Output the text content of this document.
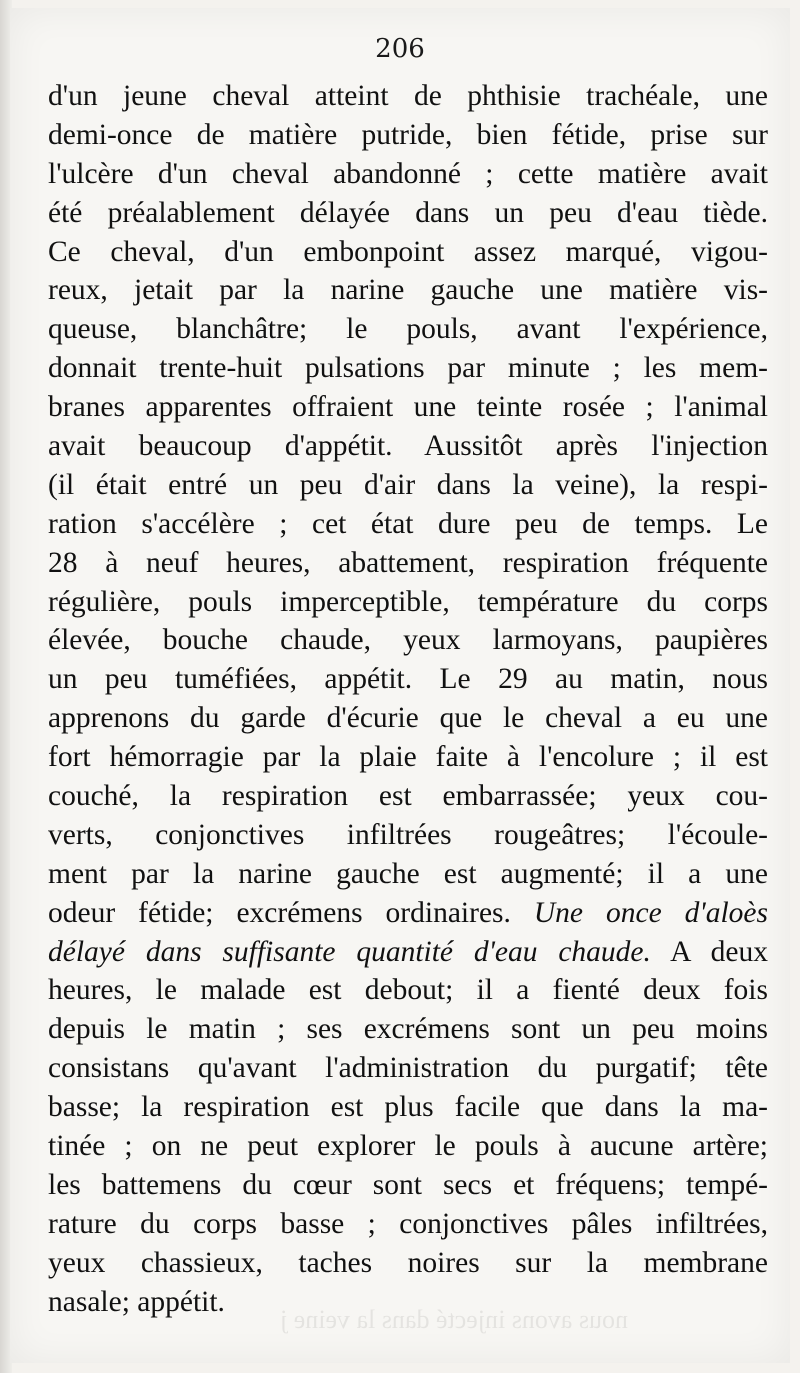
206
d'un jeune cheval atteint de phthisie trachéale, une
demi-once de matière putride, bien fétide, prise sur
l'ulcère d'un cheval abandonné ; cette matière avait
été préalablement délayée dans un peu d'eau tiède.
Ce cheval, d'un embonpoint assez marqué, vigou-
reux, jetait par la narine gauche une matière vis-
queuse, blanchâtre; le pouls, avant l'expérience,
donnait trente-huit pulsations par minute ; les mem-
branes apparentes offraient une teinte rosée ; l'animal
avait beaucoup d'appétit. Aussitôt après l'injection
(il était entré un peu d'air dans la veine), la respi-
ration s'accélère ; cet état dure peu de temps. Le
28 à neuf heures, abattement, respiration fréquente
régulière, pouls imperceptible, température du corps
élevée, bouche chaude, yeux larmoyans, paupières
un peu tuméfiées, appétit. Le 29 au matin, nous
apprenons du garde d'écurie que le cheval a eu une
fort hémorragie par la plaie faite à l'encolure ; il est
couché, la respiration est embarrassée; yeux cou-
verts, conjonctives infiltrées rougeâtres; l'écoule-
ment par la narine gauche est augmenté; il a une
odeur fétide; excrémens ordinaires. Une once d'aloès
délayé dans suffisante quantité d'eau chaude. A deux
heures, le malade est debout; il a fienté deux fois
depuis le matin ; ses excrémens sont un peu moins
consistans qu'avant l'administration du purgatif; tête
basse; la respiration est plus facile que dans la ma-
tinée ; on ne peut explorer le pouls à aucune artère;
les battemens du cœur sont secs et fréquens; tempé-
rature du corps basse ; conjonctives pâles infiltrées,
yeux chassieux, taches noires sur la membrane
nasale; appétit.
nous avons injecté dans la veine j
